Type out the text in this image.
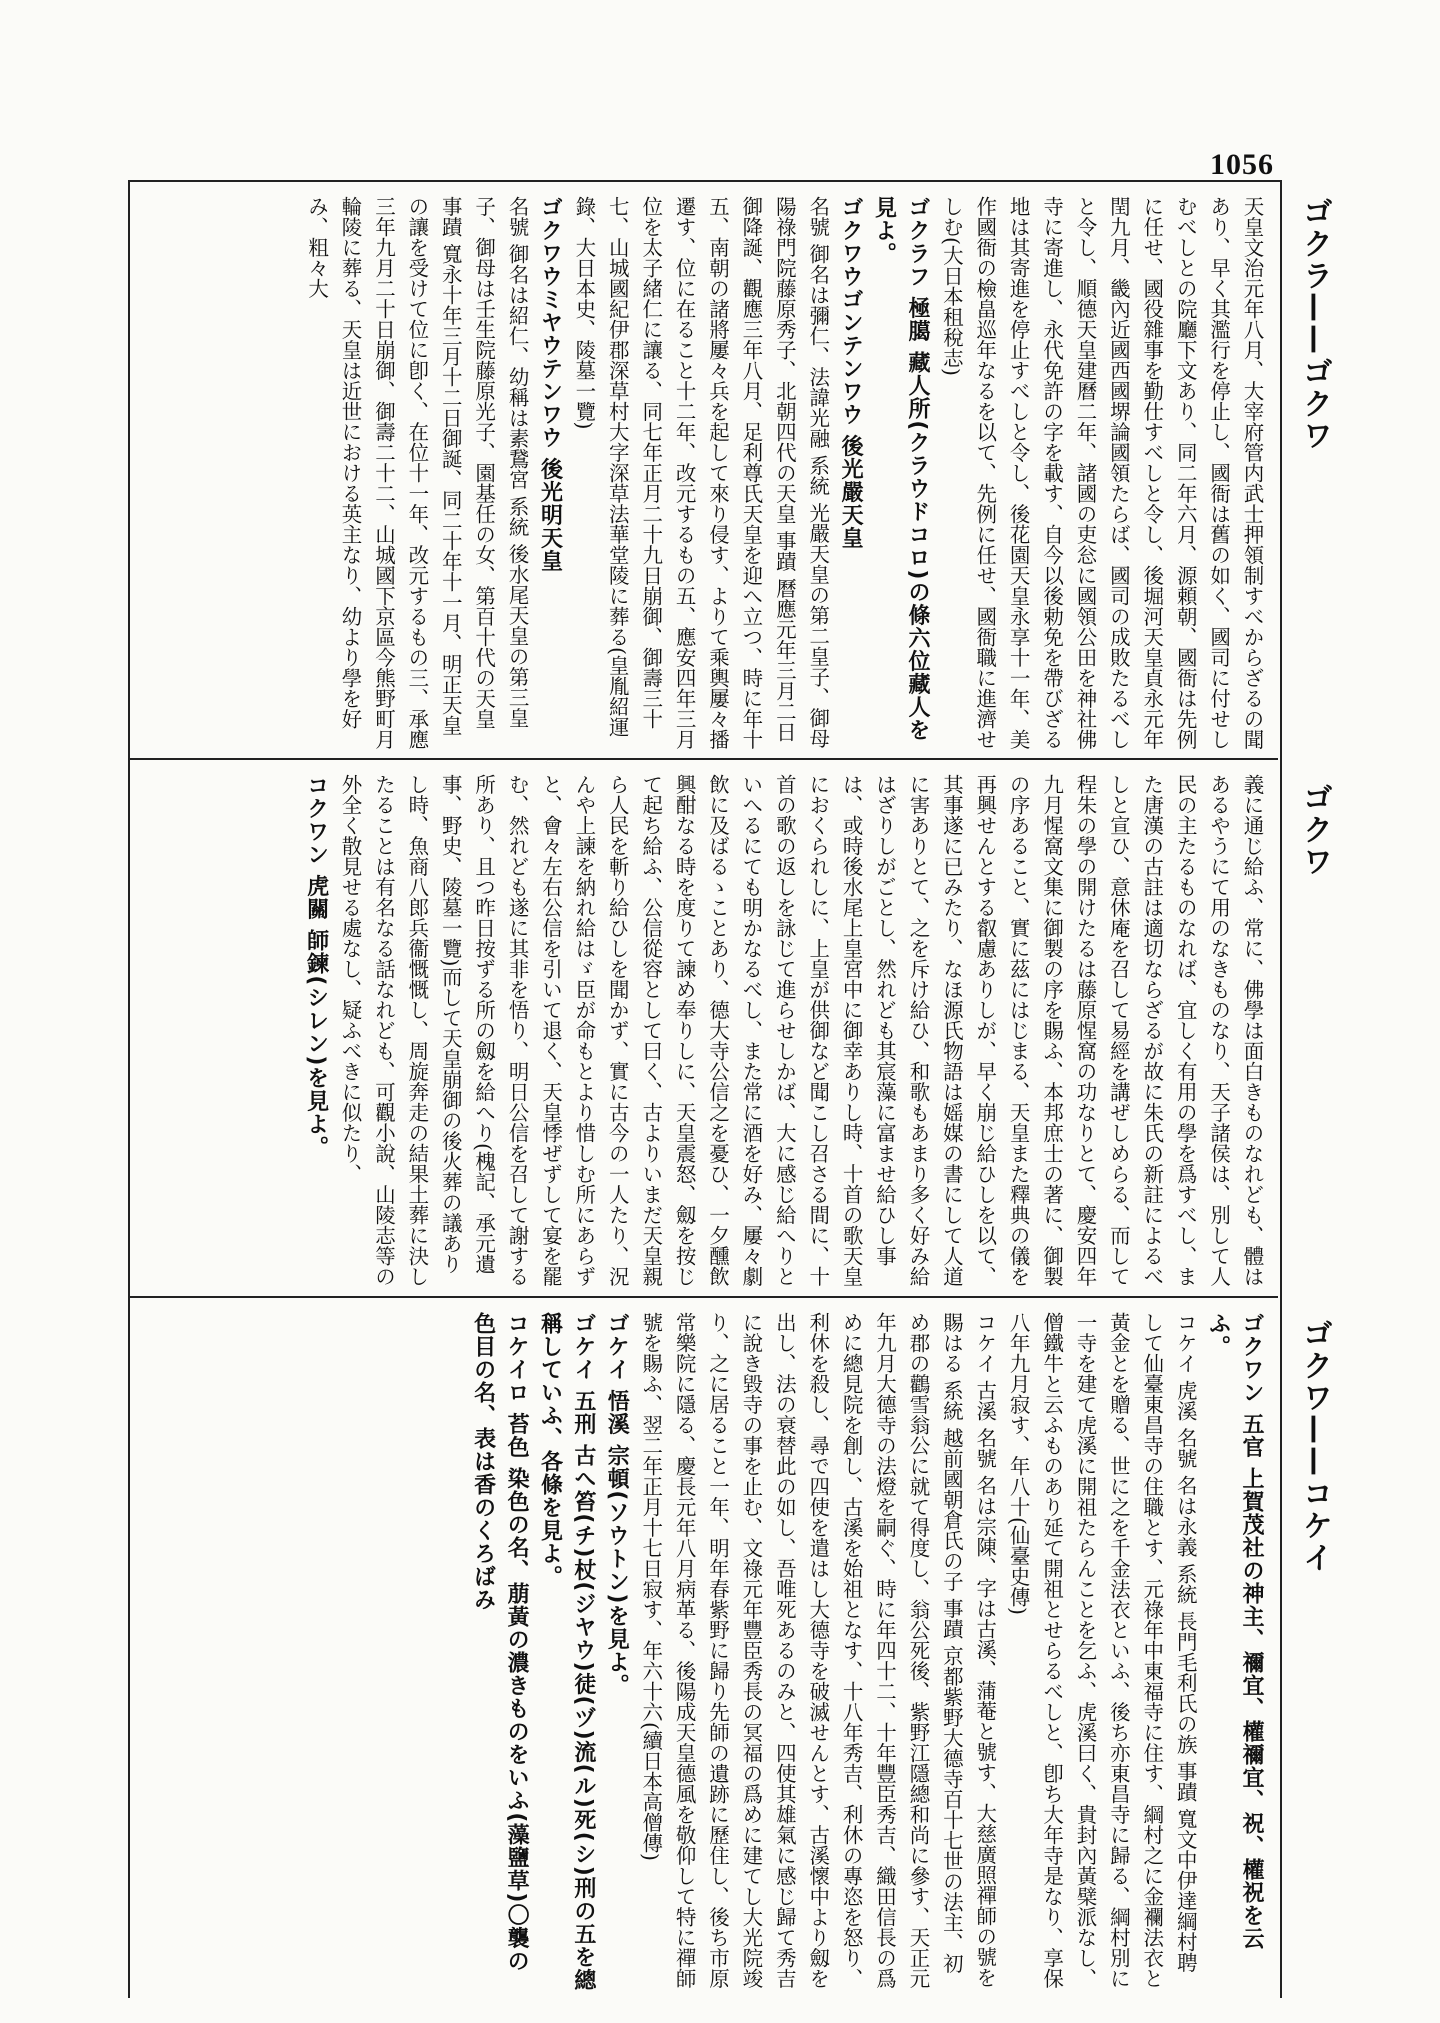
1056
ゴクラ——ゴクワ
ゴクワ
ゴクワ——コケイ

天皇文治元年八月、大宰府管内武士押領制すべからざるの聞あり、早く其濫行を停止し、國衙は舊の如く、國司に付せしむべしとの院廳下文あり、同二年六月、源頼朝、國衙は先例に任せ、國役雜事を勤仕すべしと令し、後堀河天皇貞永元年閏九月、畿內近國西國堺論國領たらば、國司の成敗たるべしと令し、順德天皇建曆二年、諸國の吏忩に國領公田を神社佛寺に寄進し、永代免許の字を載す、自今以後勅免を帶びざる地は其寄進を停止すべしと令し、後花園天皇永享十一年、美作國衙の檢畠巡年なるを以て、先例に任せ、國衙職に進濟せしむ(大日本租稅志)

ゴクラフ 極臈 藏人所(クラウドコロ)の條六位藏人を見よ。

ゴクワウゴンテンワウ 後光嚴天皇

名號 御名は彌仁、法諱光融 系統 光嚴天皇の第二皇子、御母陽祿門院藤原秀子、北朝四代の天皇 事蹟 曆應元年三月二日御降誕、觀應三年八月、足利尊氏天皇を迎へ立つ、時に年十五、南朝の諸將屢々兵を起して來り侵す、よりて乘輿屢々播遷す、位に在ること十二年、改元するもの五、應安四年三月位を太子緒仁に讓る、同七年正月二十九日崩御、御壽三十七、山城國紀伊郡深草村大字深草法華堂陵に葬る(皇胤紹運錄、大日本史、陵墓一覽)

ゴクワウミヤウテンワウ 後光明天皇

名號 御名は紹仁、幼稱は素鵞宮 系統 後水尾天皇の第三皇子、御母は壬生院藤原光子、園基任の女、第百十代の天皇 事蹟 寬永十年三月十二日御誕、同二十年十一月、明正天皇の讓を受けて位に卽く、在位十一年、改元するもの三、承應三年九月二十日崩御、御壽二十二、山城國下京區今熊野町月輪陵に葬る、天皇は近世における英主なり、幼より學を好み、粗々大

義に通じ給ふ、常に、佛學は面白きものなれども、體はあるやうにて用のなきものなり、天子諸侯は、別して人民の主たるものなれば、宜しく有用の學を爲すべし、また唐漢の古註は適切ならざるが故に朱氏の新註によるべしと宣ひ、意休庵を召して易經を講ぜしめらる、而して程朱の學の開けたるは藤原惺窩の功なりとて、慶安四年九月惺窩文集に御製の序を賜ふ、本邦庶士の著に、御製の序あること、實に茲にはじまる、天皇また釋典の儀を再興せんとする叡慮ありしが、早く崩じ給ひしを以て、其事遂に已みたり、なほ源氏物語は媱媒の書にして人道に害ありとて、之を斥け給ひ、和歌もあまり多く好み給はざりしがごとし、然れども其宸藻に富ませ給ひし事は、或時後水尾上皇宮中に御幸ありし時、十首の歌天皇におくられしに、上皇が供御など聞こし召さる間に、十首の歌の返しを詠じて進らせしかば、大に感じ給へりといへるにても明かなるべし、また常に酒を好み、屢々劇飲に及ばるゝことあり、德大寺公信之を憂ひ、一夕醺飲興酣なる時を度りて諫め奉りしに、天皇震怒、劔を按じて起ち給ふ、公信從容として曰く、古よりいまだ天皇親ら人民を斬り給ひしを聞かず、實に古今の一人たり、況んや上諫を納れ給はゞ臣が命もとより惜しむ所にあらずと、會々左右公信を引いて退く、天皇悸ぜずして宴を罷む、然れども遂に其非を悟り、明日公信を召して謝する所あり、且つ昨日按ずる所の劔を給へり(槐記、承元遺事、野史、陵墓一覽)而して天皇崩御の後火葬の議ありし時、魚商八郎兵衞慨慨し、周旋奔走の結果土葬に決したることは有名なる話なれども、可觀小說、山陵志等の外全く散見せる處なし、疑ふべきに似たり、

コクワン 虎關 師鍊(シレン)を見よ。

ゴクワン 五官 上賀茂社の神主、禰宜、權禰宜、祝、權祝を云ふ。

コケイ 虎溪 名號 名は永義 系統 長門毛利氏の族 事蹟 寬文中伊達綱村聘して仙臺東昌寺の住職とす、元祿年中東福寺に住す、綱村之に金襴法衣と黃金とを贈る、世に之を千金法衣といふ、後ち亦東昌寺に歸る、綱村別に一寺を建て虎溪に開祖たらんことを乞ふ、虎溪曰く、貴封內黃檗派なし、僧鐵牛と云ふものあり延て開祖とせらるべしと、卽ち大年寺是なり、享保八年九月寂す、年八十(仙臺史傳)

コケイ 古溪 名號 名は宗陳、字は古溪、蒲菴と號す、大慈廣照禪師の號を賜はる 系統 越前國朝倉氏の子 事蹟 京都紫野大德寺百十七世の法主、初め郡の鸛雪翁公に就て得度し、翁公死後、紫野江隱總和尚に參す、天正元年九月大德寺の法燈を嗣ぐ、時に年四十二、十年豐臣秀吉、織田信長の爲めに總見院を創し、古溪を始祖となす、十八年秀吉、利休の專恣を怒り、利休を殺し、尋で四使を遣はし大德寺を破滅せんとす、古溪懷中より劔を出し、法の衰替此の如し、吾唯死あるのみと、四使其雄氣に感じ歸て秀吉に說き毀寺の事を止む、文祿元年豐臣秀長の冥福の爲めに建てし大光院竣り、之に居ること一年、明年春紫野に歸り先師の遺跡に歷住し、後ち市原常樂院に隱る、慶長元年八月病革る、後陽成天皇德風を敬仰して特に禪師號を賜ふ、翌二年正月十七日寂す、年六十六(續日本高僧傳)

ゴケイ 悟溪 宗頓(ソウトン)を見よ。

ゴケイ 五刑 古へ笞(チ)杖(ジヤウ)徒(ヅ)流(ル)死(シ)刑の五を總稱していふ、各條を見よ。

コケイロ 苔色 染色の名、萠黃の濃きものをいふ(藻鹽草)〇襲の色目の名、表は香のくろばみ
